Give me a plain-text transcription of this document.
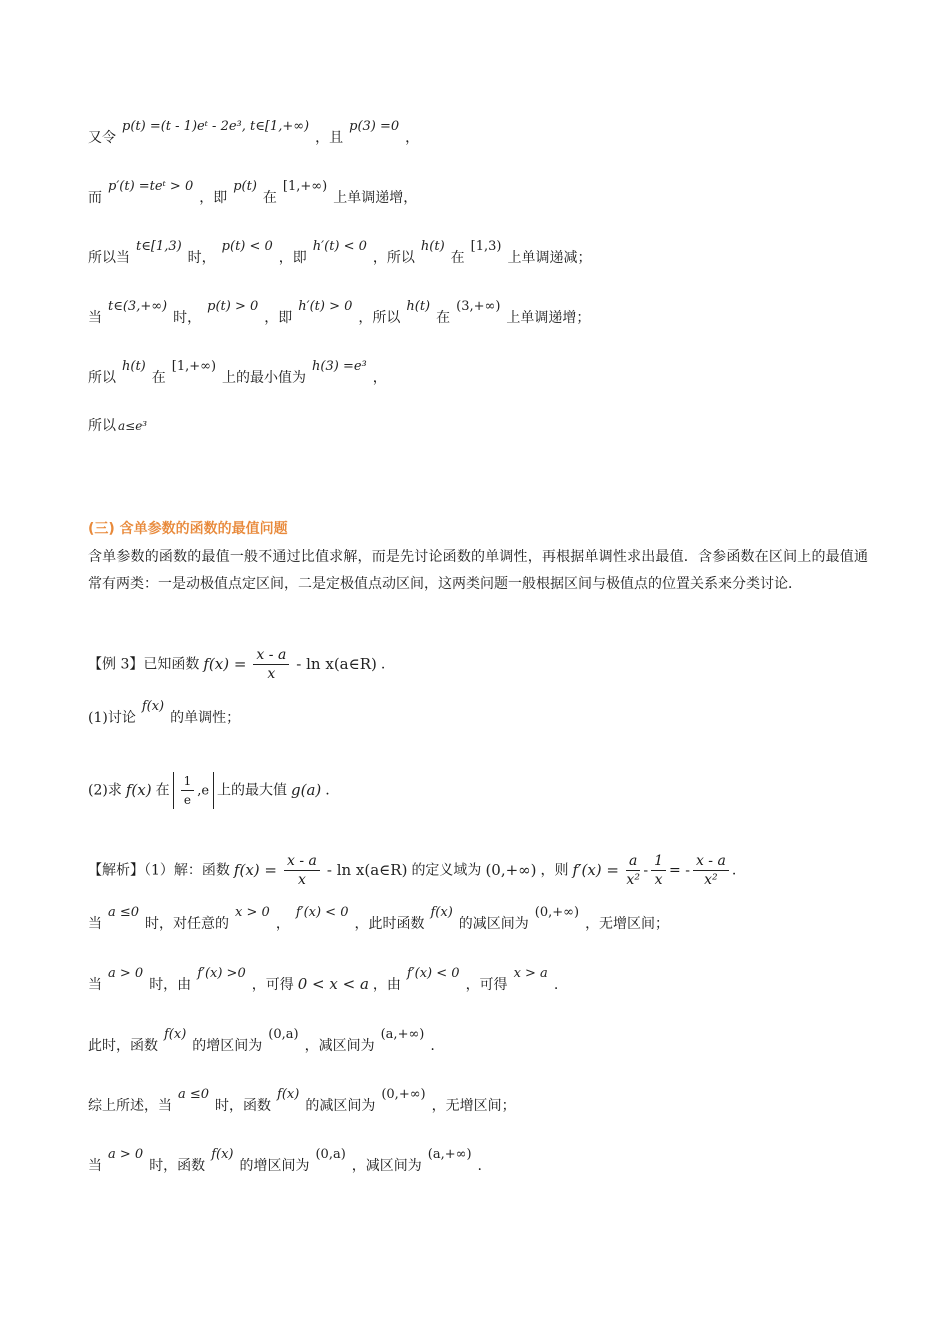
又令p(t) =(t - 1)eᵗ - 2e³, t∈[1,+∞)，且p(3) =0，
而p′(t) =teᵗ > 0，即p(t)在[1,+∞)上单调递增，
所以当t∈[1,3)时，p(t) < 0，即h′(t) < 0，所以h(t)在[1,3)上单调递减；
当t∈(3,+∞)时，p(t) > 0，即h′(t) > 0，所以h(t)在(3,+∞)上单调递增；
所以h(t)在[1,+∞)上的最小值为h(3) =e³，
所以 a≤e³
(三) 含单参数的函数的最值问题
含单参数的函数的最值一般不通过比值求解，而是先讨论函数的单调性，再根据单调性求出最值．含参函数在区间上的最值通常有两类：一是动极值点定区间，二是定极值点动区间，这两类问题一般根据区间与极值点的位置关系来分类讨论．
【例 3】已知函数 $f(x) = \frac{x - a}{x} - \ln$ x(a∈R) .
(1)讨论f(x)的单调性；
(2)求 f(x) 在 $\frac{1}{e} ,e$ 上的最大值 g(a) .
【解析】（1）解：函数 $f(x) = \frac{x - a}{x} - \ln$ x(a∈R) 的定义域为 (0,+∞) ，则 $f'(x) = \frac{a}{\text{x²}} - \frac{1}{x}$ = - $\frac{x - a}{\text{x²}}$ .
当a ≤0时，对任意的x > 0，f′(x) < 0，此时函数f(x)的减区间为(0,+∞)，无增区间；
当a > 0时，由f′(x) >0，可得 0 < x < a ，由f′(x) < 0，可得x > a.
此时，函数f(x)的增区间为(0,a)，减区间为(a,+∞).
综上所述，当a ≤0时，函数f(x)的减区间为(0,+∞)，无增区间；
当a > 0时，函数f(x)的增区间为(0,a)，减区间为(a,+∞).
